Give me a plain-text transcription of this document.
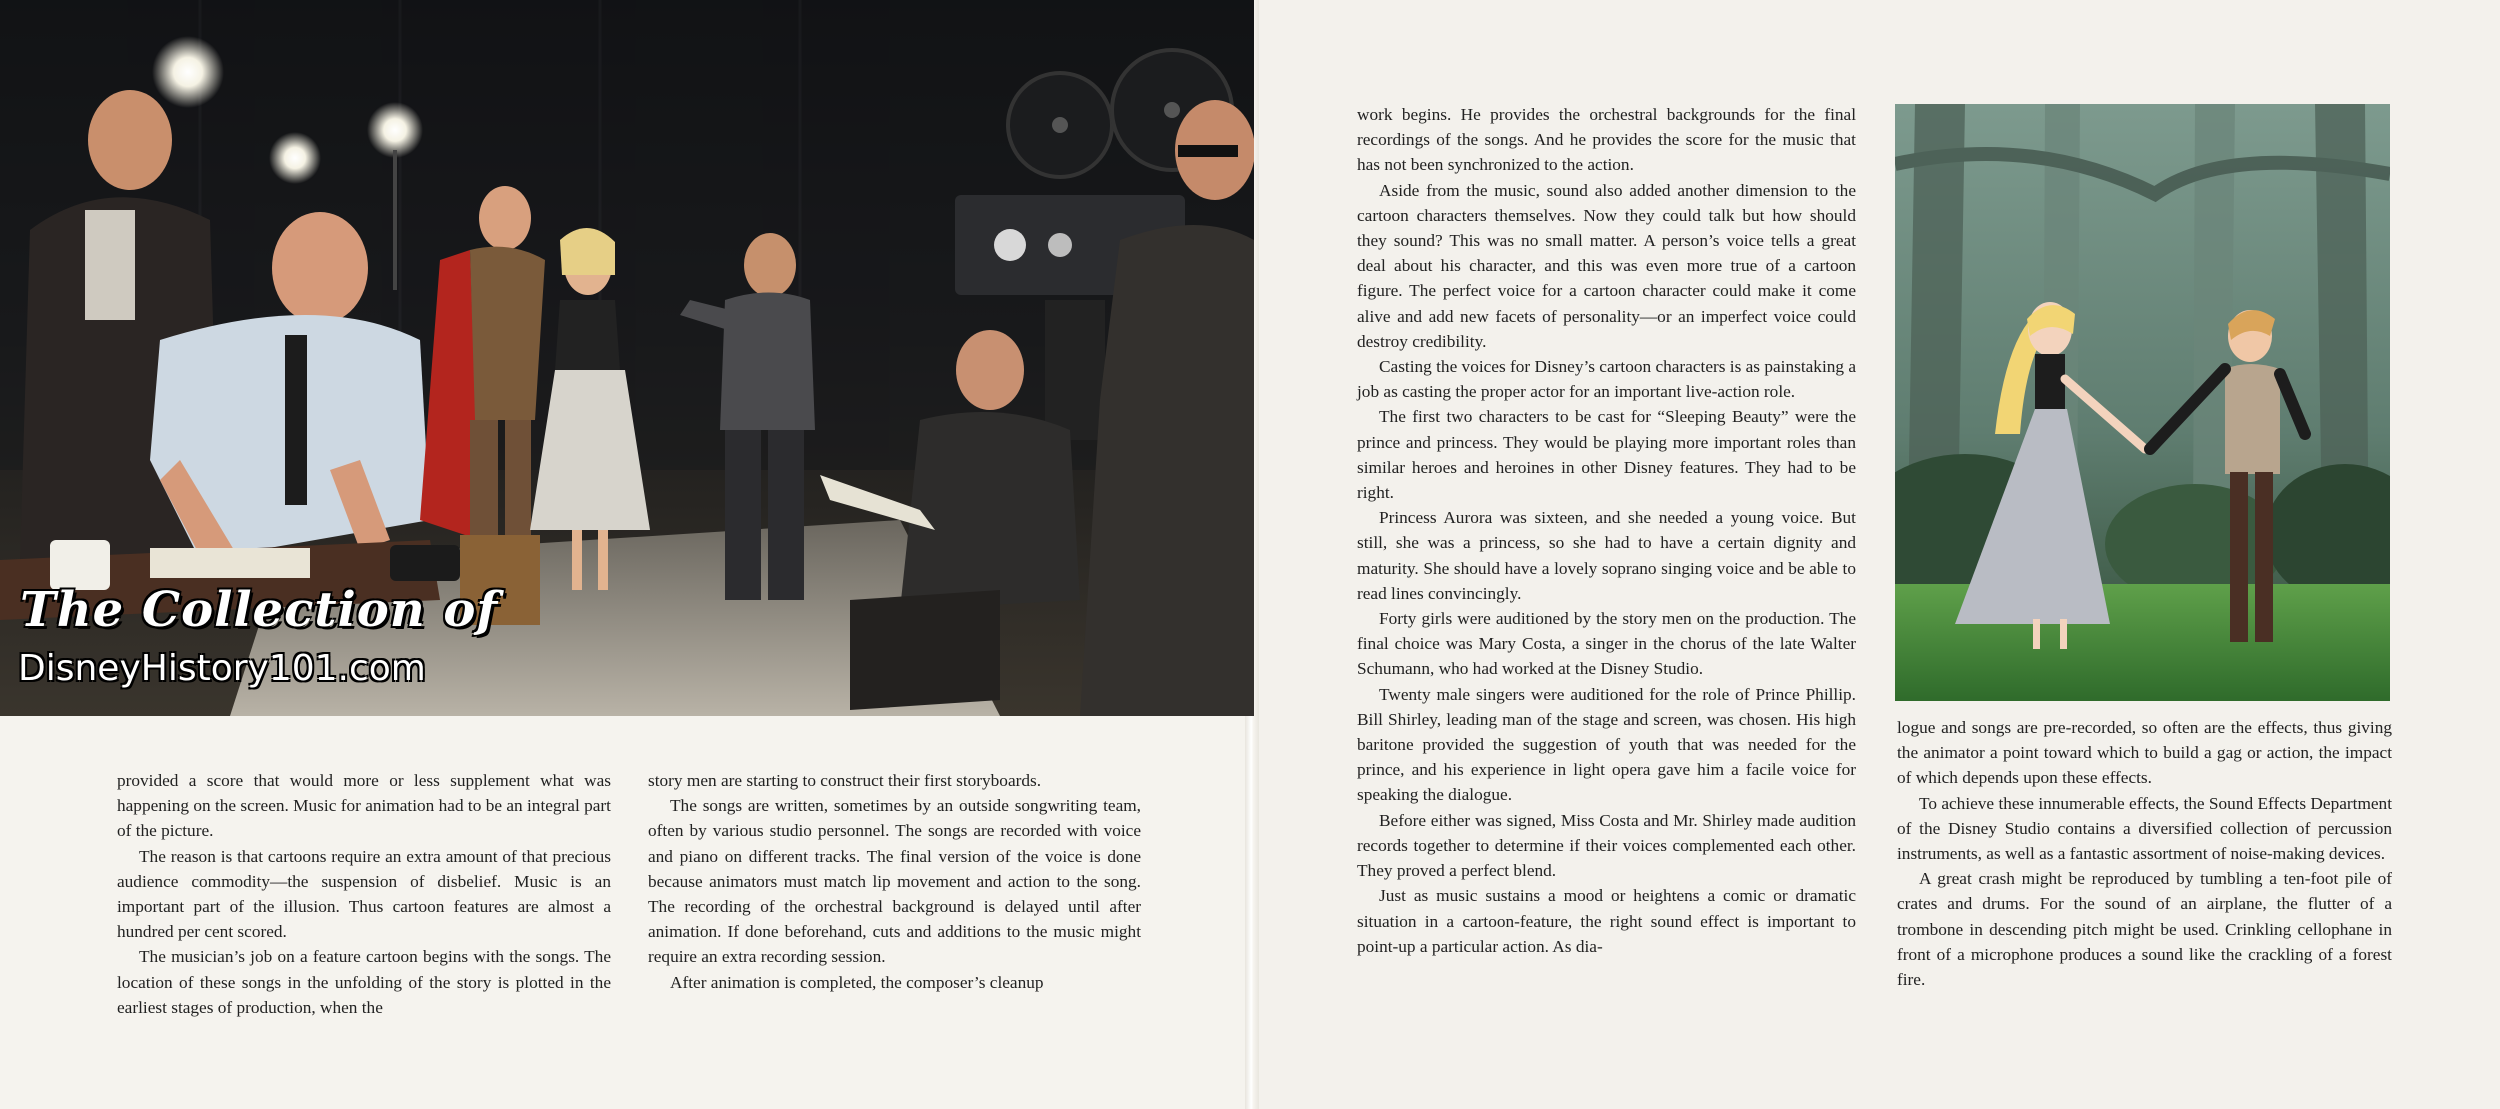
The Collection of
DisneyHistory101.com

provided a score that would more or less supplement what was happening on the screen. Music for animation had to be an integral part of the picture.

The reason is that cartoons require an extra amount of that precious audience commodity—the suspension of disbelief. Music is an important part of the illusion. Thus cartoon features are almost a hundred per cent scored.

The musician’s job on a feature cartoon begins with the songs. The location of these songs in the unfolding of the story is plotted in the earliest stages of production, when the

story men are starting to construct their first storyboards.

The songs are written, sometimes by an outside songwriting team, often by various studio personnel. The songs are recorded with voice and piano on different tracks. The final version of the voice is done because animators must match lip movement and action to the song. The recording of the orchestral background is delayed until after animation. If done beforehand, cuts and additions to the music might require an extra recording session.

After animation is completed, the composer’s cleanup

work begins. He provides the orchestral backgrounds for the final recordings of the songs. And he provides the score for the music that has not been synchronized to the action.

Aside from the music, sound also added another dimension to the cartoon characters themselves. Now they could talk but how should they sound? This was no small matter. A person’s voice tells a great deal about his character, and this was even more true of a cartoon figure. The perfect voice for a cartoon character could make it come alive and add new facets of personality—or an imperfect voice could destroy credibility.

Casting the voices for Disney’s cartoon characters is as painstaking a job as casting the proper actor for an important live-action role.

The first two characters to be cast for “Sleeping Beauty” were the prince and princess. They would be playing more important roles than similar heroes and heroines in other Disney features. They had to be right.

Princess Aurora was sixteen, and she needed a young voice. But still, she was a princess, so she had to have a certain dignity and maturity. She should have a lovely soprano singing voice and be able to read lines convincingly.

Forty girls were auditioned by the story men on the production. The final choice was Mary Costa, a singer in the chorus of the late Walter Schumann, who had worked at the Disney Studio.

Twenty male singers were auditioned for the role of Prince Phillip. Bill Shirley, leading man of the stage and screen, was chosen. His high baritone provided the suggestion of youth that was needed for the prince, and his experience in light opera gave him a facile voice for speaking the dialogue.

Before either was signed, Miss Costa and Mr. Shirley made audition records together to determine if their voices complemented each other. They proved a perfect blend.

Just as music sustains a mood or heightens a comic or dramatic situation in a cartoon-feature, the right sound effect is important to point-up a particular action. As dia-

logue and songs are pre-recorded, so often are the effects, thus giving the animator a point toward which to build a gag or action, the impact of which depends upon these effects.

To achieve these innumerable effects, the Sound Effects Department of the Disney Studio contains a diversified collection of percussion instruments, as well as a fantastic assortment of noise-making devices.

A great crash might be reproduced by tumbling a ten-foot pile of crates and drums. For the sound of an airplane, the flutter of a trombone in descending pitch might be used. Crinkling cellophane in front of a microphone produces a sound like the crackling of a forest fire.
